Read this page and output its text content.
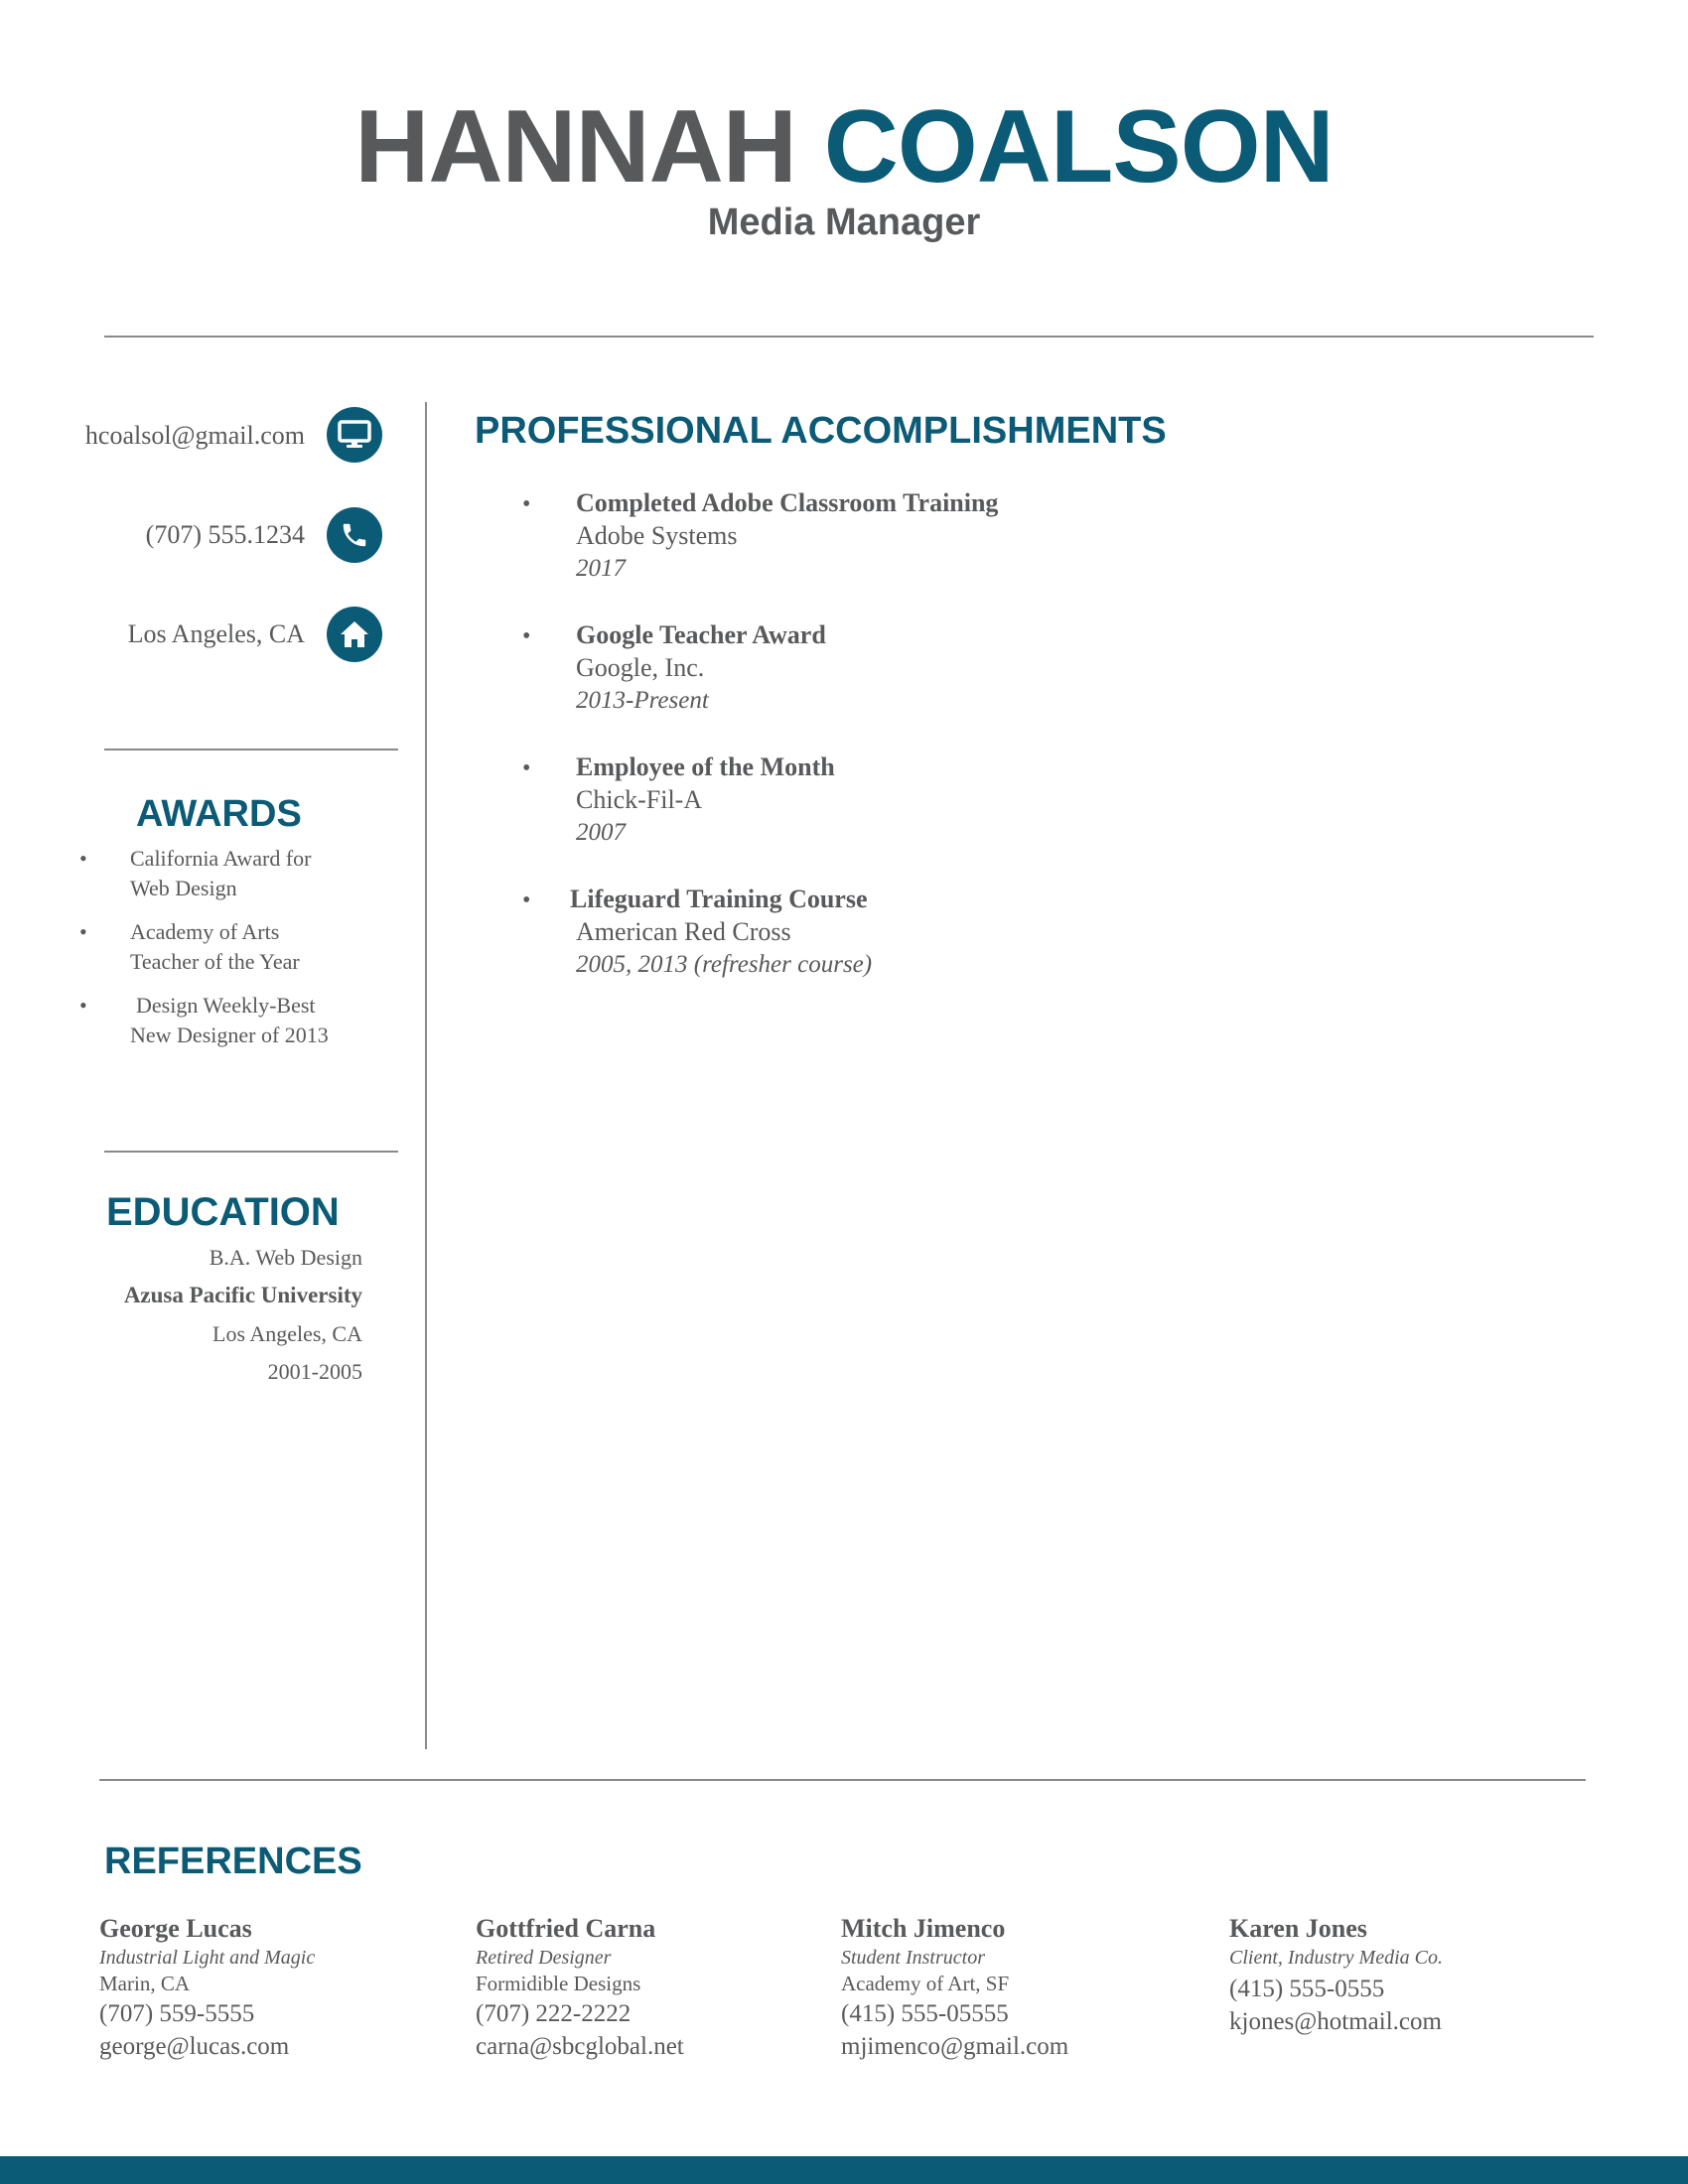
HANNAH COALSON
Media Manager
hcoalsol@gmail.com
(707) 555.1234
Los Angeles, CA
AWARDS
• California Award for
Web Design
• Academy of Arts
Teacher of the Year
• Design Weekly-Best
New Designer of 2013
EDUCATION
B.A. Web Design
Azusa Pacific University
Los Angeles, CA
2001-2005
PROFESSIONAL ACCOMPLISHMENTS
• Completed Adobe Classroom Training
Adobe Systems
2017
• Google Teacher Award
Google, Inc.
2013-Present
• Employee of the Month
Chick-Fil-A
2007
• Lifeguard Training Course
American Red Cross
2005, 2013 (refresher course)
REFERENCES
George Lucas
Industrial Light and Magic
Marin, CA
(707) 559-5555
george@lucas.com
Gottfried Carna
Retired Designer
Formidible Designs
(707) 222-2222
carna@sbcglobal.net
Mitch Jimenco
Student Instructor
Academy of Art, SF
(415) 555-05555
mjimenco@gmail.com
Karen Jones
Client, Industry Media Co.
(415) 555-0555
kjones@hotmail.com
